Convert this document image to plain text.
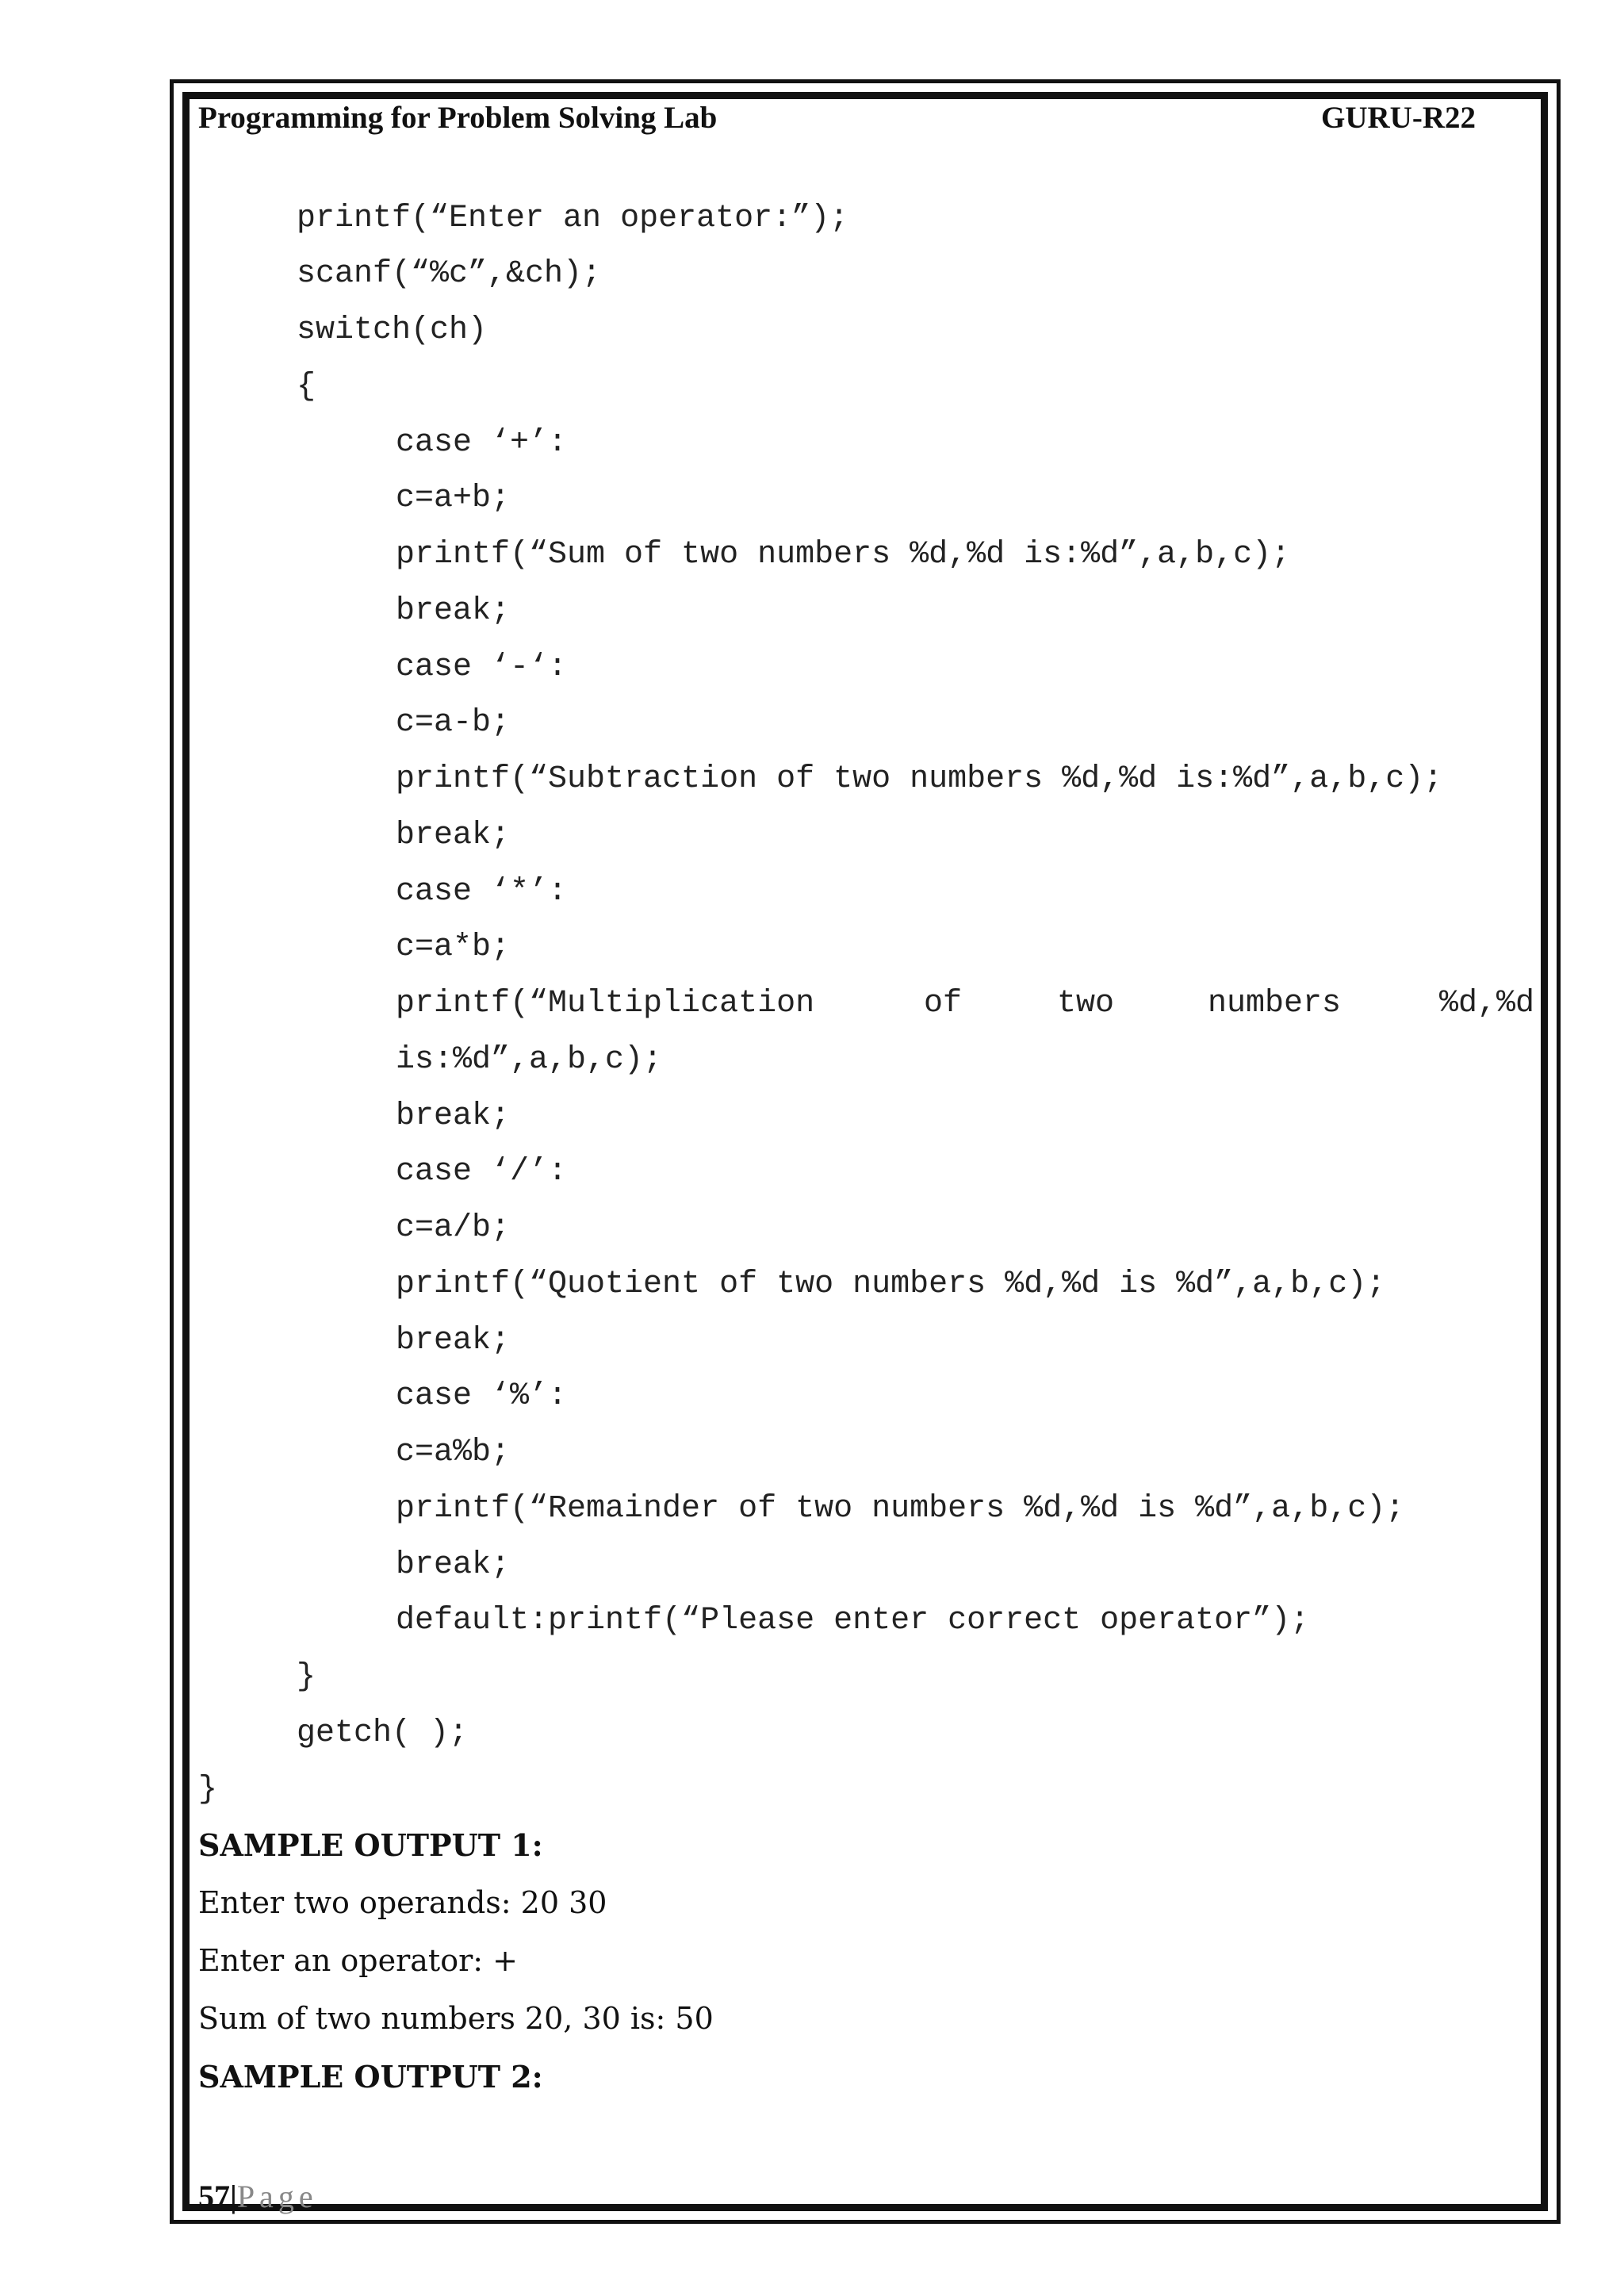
Programming for Problem Solving Lab	GURU-R22
printf(“Enter an operator:”);
scanf(“%c”,&ch);
switch(ch)
{
case ‘+’:
c=a+b;
printf(“Sum of two numbers %d,%d is:%d”,a,b,c);
break;
case ‘-‘:
c=a-b;
printf(“Subtraction of two numbers %d,%d is:%d”,a,b,c);
break;
case ‘*’:
c=a*b;
printf(“Multiplication	of	two	numbers	%d,%d
is:%d”,a,b,c);
break;
case ‘/’:
c=a/b;
printf(“Quotient of two numbers %d,%d is %d”,a,b,c);
break;
case ‘%’:
c=a%b;
printf(“Remainder of two numbers %d,%d is %d”,a,b,c);
break;
default:printf(“Please enter correct operator”);
}
getch( );
}
SAMPLE OUTPUT 1:
Enter two operands: 20 30
Enter an operator: +
Sum of two numbers 20, 30 is: 50
SAMPLE OUTPUT 2:
57|Page
